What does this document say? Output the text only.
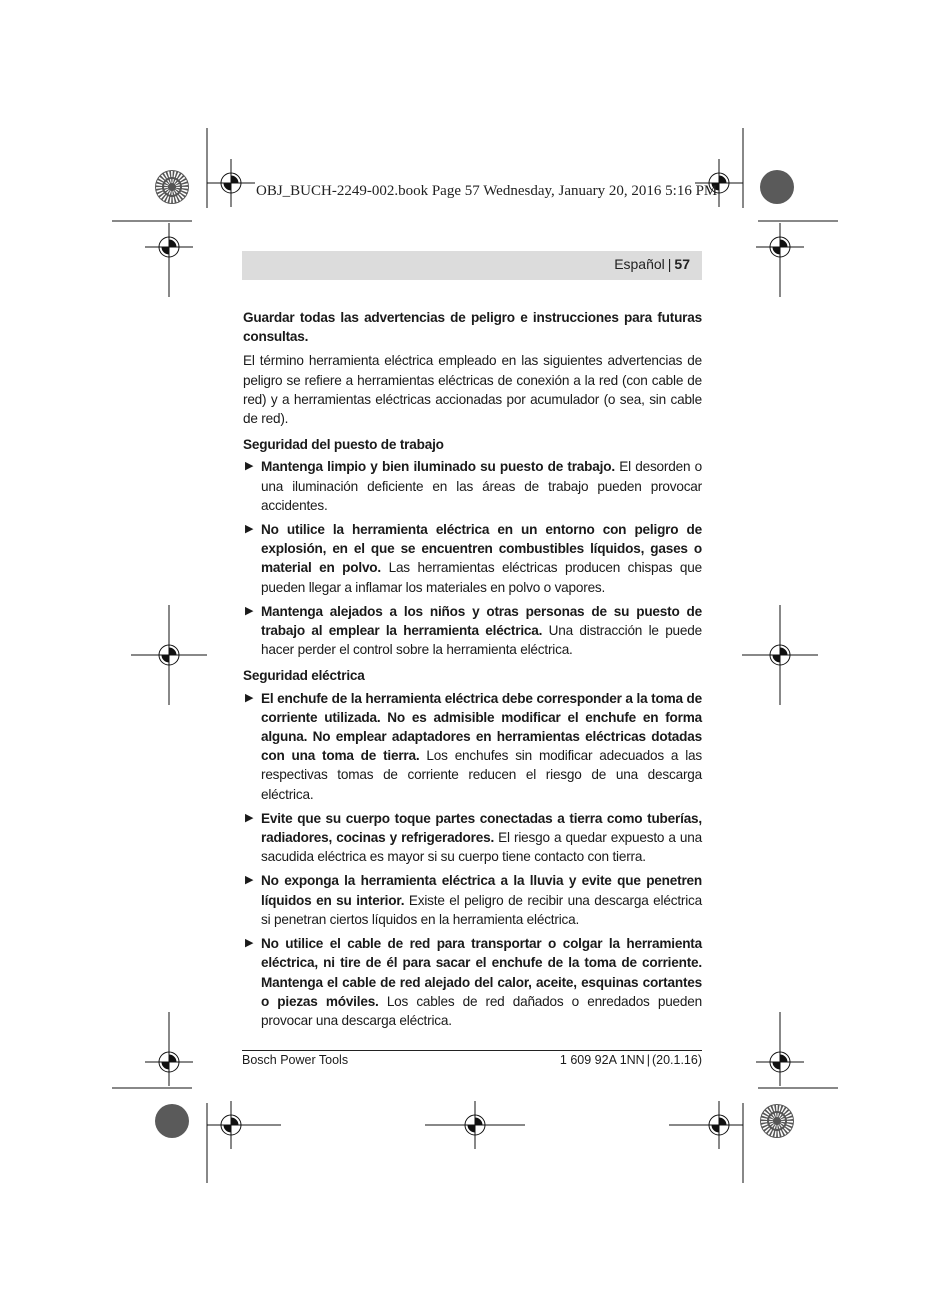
OBJ_BUCH-2249-002.book Page 57 Wednesday, January 20, 2016 5:16 PM
Español | 57

Guardar todas las advertencias de peligro e instrucciones para futuras consultas.

El término herramienta eléctrica empleado en las siguientes advertencias de peligro se refiere a herramientas eléctricas de conexión a la red (con cable de red) y a herramientas eléctricas accionadas por acumulador (o sea, sin cable de red).

Seguridad del puesto de trabajo
▶ Mantenga limpio y bien iluminado su puesto de trabajo. El desorden o una iluminación deficiente en las áreas de trabajo pueden provocar accidentes.
▶ No utilice la herramienta eléctrica en un entorno con peligro de explosión, en el que se encuentren combustibles líquidos, gases o material en polvo. Las herramientas eléctricas producen chispas que pueden llegar a inflamar los materiales en polvo o vapores.
▶ Mantenga alejados a los niños y otras personas de su puesto de trabajo al emplear la herramienta eléctrica. Una distracción le puede hacer perder el control sobre la herramienta eléctrica.
Seguridad eléctrica
▶ El enchufe de la herramienta eléctrica debe corresponder a la toma de corriente utilizada. No es admisible modificar el enchufe en forma alguna. No emplear adaptadores en herramientas eléctricas dotadas con una toma de tierra. Los enchufes sin modificar adecuados a las respectivas tomas de corriente reducen el riesgo de una descarga eléctrica.
▶ Evite que su cuerpo toque partes conectadas a tierra como tuberías, radiadores, cocinas y refrigeradores. El riesgo a quedar expuesto a una sacudida eléctrica es mayor si su cuerpo tiene contacto con tierra.
▶ No exponga la herramienta eléctrica a la lluvia y evite que penetren líquidos en su interior. Existe el peligro de recibir una descarga eléctrica si penetran ciertos líquidos en la herramienta eléctrica.
▶ No utilice el cable de red para transportar o colgar la herramienta eléctrica, ni tire de él para sacar el enchufe de la toma de corriente. Mantenga el cable de red alejado del calor, aceite, esquinas cortantes o piezas móviles. Los cables de red dañados o enredados pueden provocar una descarga eléctrica.
Bosch Power Tools	1 609 92A 1NN | (20.1.16)
